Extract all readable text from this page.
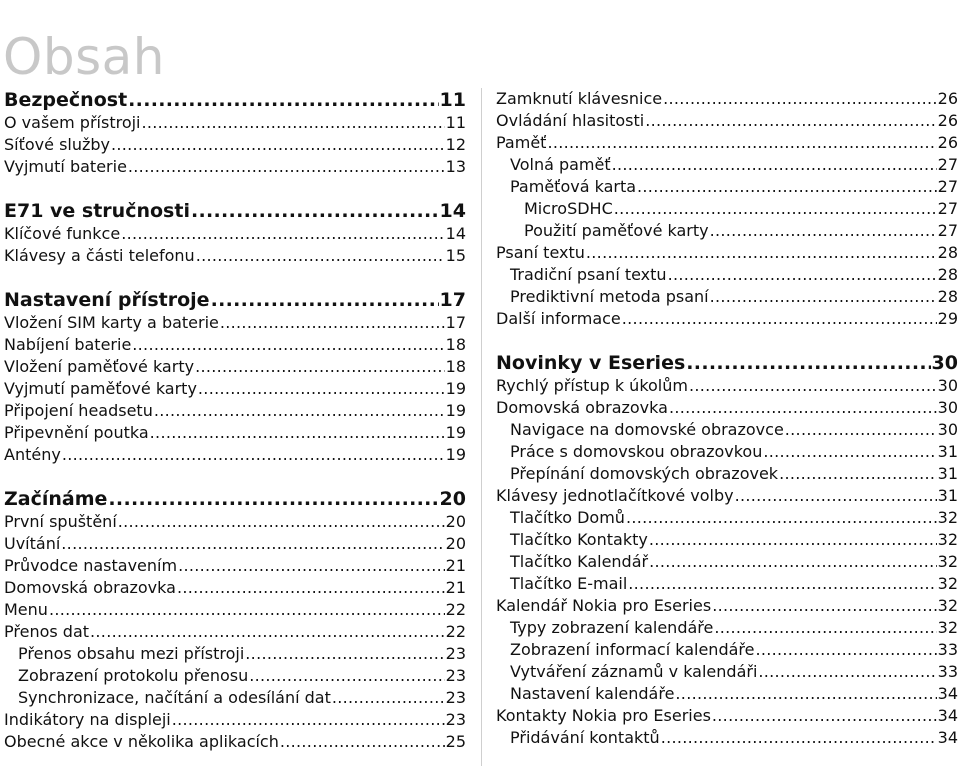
Obsah
Bezpečnost .....	11
O vašem přístroji .....	11
Síťové služby .....	12
Vyjmutí baterie .....	13
E71 ve stručnosti .....	14
Klíčové funkce .....	14
Klávesy a části telefonu .....	15
Nastavení přístroje .....	17
Vložení SIM karty a baterie .....	17
Nabíjení baterie .....	18
Vložení paměťové karty .....	18
Vyjmutí paměťové karty .....	19
Připojení headsetu .....	19
Připevnění poutka .....	19
Antény .....	19
Začínáme .....	20
První spuštění .....	20
Uvítání .....	20
Průvodce nastavením .....	21
Domovská obrazovka .....	21
Menu .....	22
Přenos dat .....	22
Přenos obsahu mezi přístroji .....	23
Zobrazení protokolu přenosu .....	23
Synchronizace, načítání a odesílání dat .....	23
Indikátory na displeji .....	23
Obecné akce v několika aplikacích .....	25
Zamknutí klávesnice .....	26
Ovládání hlasitosti .....	26
Paměť .....	26
Volná paměť .....	27
Paměťová karta .....	27
MicroSDHC .....	27
Použití paměťové karty .....	27
Psaní textu .....	28
Tradiční psaní textu .....	28
Prediktivní metoda psaní .....	28
Další informace .....	29
Novinky v Eseries .....	30
Rychlý přístup k úkolům .....	30
Domovská obrazovka .....	30
Navigace na domovské obrazovce .....	30
Práce s domovskou obrazovkou .....	31
Přepínání domovských obrazovek .....	31
Klávesy jednotlačítkové volby .....	31
Tlačítko Domů .....	32
Tlačítko Kontakty .....	32
Tlačítko Kalendář .....	32
Tlačítko E-mail .....	32
Kalendář Nokia pro Eseries .....	32
Typy zobrazení kalendáře .....	32
Zobrazení informací kalendáře .....	33
Vytváření záznamů v kalendáři .....	33
Nastavení kalendáře .....	34
Kontakty Nokia pro Eseries .....	34
Přidávání kontaktů .....	34
